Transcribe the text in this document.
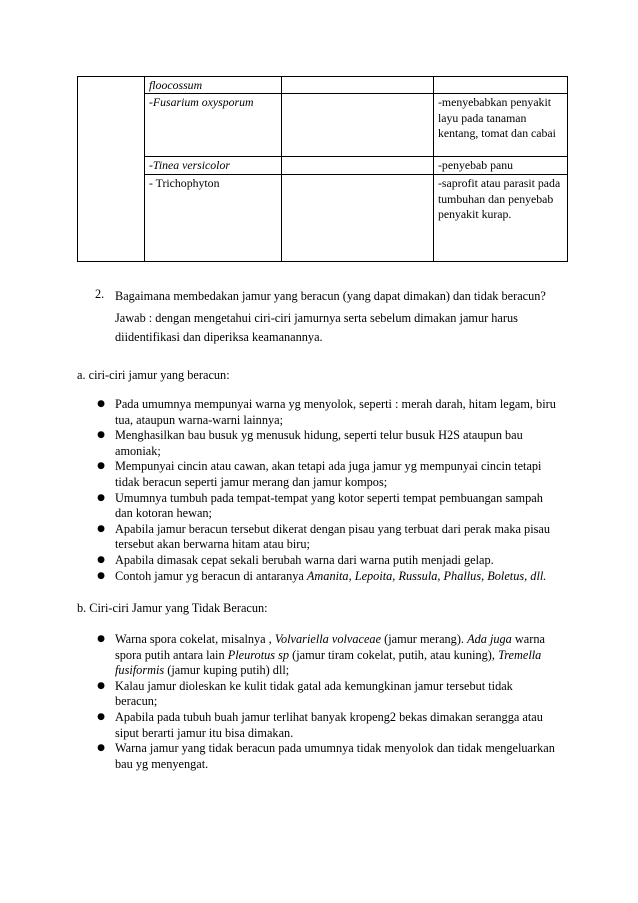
	floocossum		
	-Fusarium oxysporum		-menyebabkan penyakit layu pada tanaman kentang, tomat dan cabai
	-Tinea versicolor		-penyebab panu
	- Trichophyton		-saprofit atau parasit pada tumbuhan dan penyebab penyakit kurap.
2. Bagaimana membedakan jamur yang beracun (yang dapat dimakan) dan tidak beracun?

Jawab : dengan mengetahui ciri-ciri jamurnya serta sebelum dimakan jamur harus diidentifikasi dan diperiksa keamanannya.

a. ciri-ciri jamur yang beracun:

● Pada umumnya mempunyai warna yg menyolok, seperti : merah darah, hitam legam, biru tua, ataupun warna-warni lainnya;
● Menghasilkan bau busuk yg menusuk hidung, seperti telur busuk H2S ataupun bau amoniak;
● Mempunyai cincin atau cawan, akan tetapi ada juga jamur yg mempunyai cincin tetapi tidak beracun seperti jamur merang dan jamur kompos;
● Umumnya tumbuh pada tempat-tempat yang kotor seperti tempat pembuangan sampah dan kotoran hewan;
● Apabila jamur beracun tersebut dikerat dengan pisau yang terbuat dari perak maka pisau tersebut akan berwarna hitam atau biru;
● Apabila dimasak cepat sekali berubah warna dari warna putih menjadi gelap.
● Contoh jamur yg beracun di antaranya Amanita, Lepoita, Russula, Phallus, Boletus, dll.

b. Ciri-ciri Jamur yang Tidak Beracun:

● Warna spora cokelat, misalnya , Volvariella volvaceae (jamur merang). Ada juga warna spora putih antara lain Pleurotus sp (jamur tiram cokelat, putih, atau kuning), Tremella fusiformis (jamur kuping putih) dll;
● Kalau jamur dioleskan ke kulit tidak gatal ada kemungkinan jamur tersebut tidak beracun;
● Apabila pada tubuh buah jamur terlihat banyak kropeng2 bekas dimakan serangga atau siput berarti jamur itu bisa dimakan.
● Warna jamur yang tidak beracun pada umumnya tidak menyolok dan tidak mengeluarkan bau yg menyengat.
